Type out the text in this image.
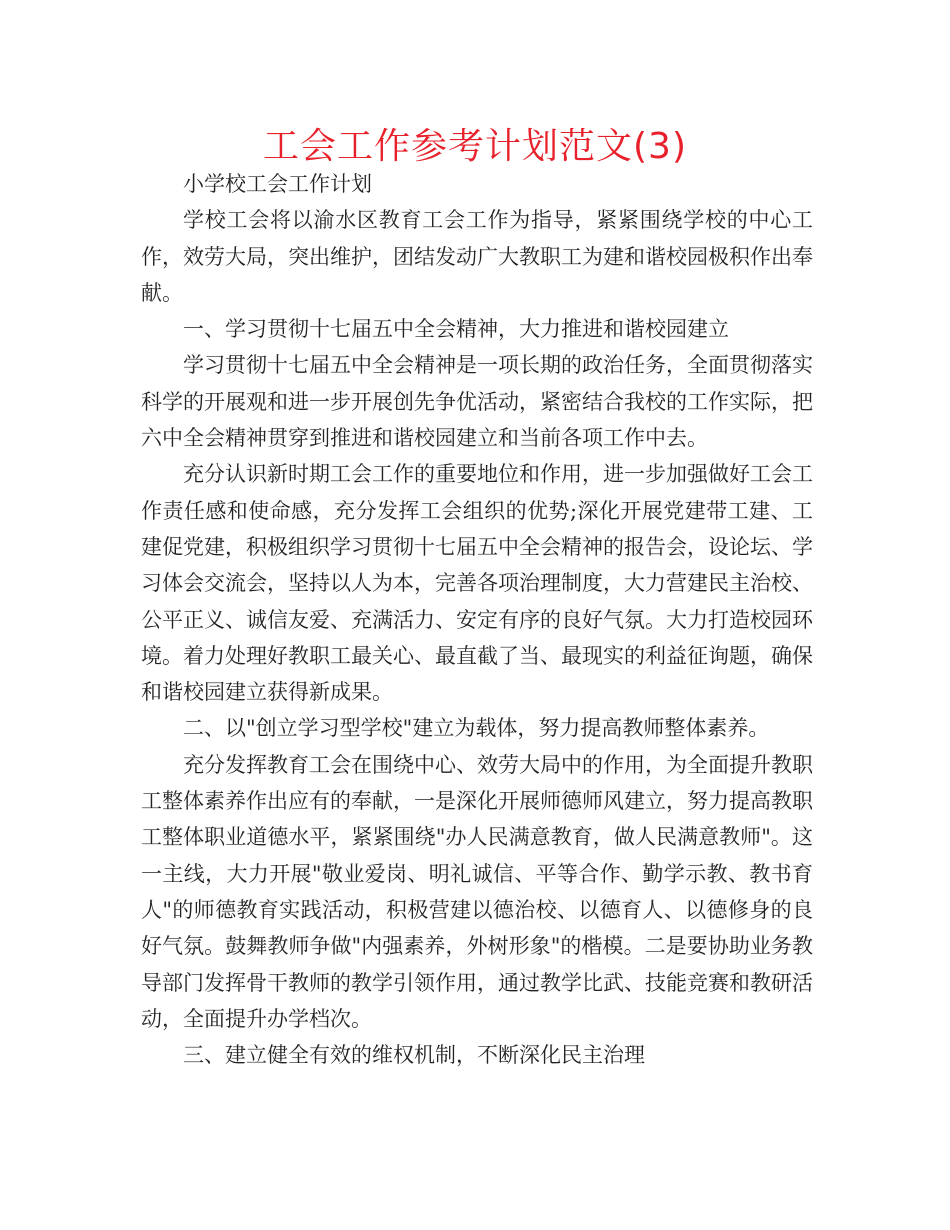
工会工作参考计划范文(3)

小学校工会工作计划

学校工会将以渝水区教育工会工作为指导，紧紧围绕学校的中心工作，效劳大局，突出维护，团结发动广大教职工为建和谐校园极积作出奉献。

一、学习贯彻十七届五中全会精神，大力推进和谐校园建立

学习贯彻十七届五中全会精神是一项长期的政治任务，全面贯彻落实科学的开展观和进一步开展创先争优活动，紧密结合我校的工作实际，把六中全会精神贯穿到推进和谐校园建立和当前各项工作中去。

充分认识新时期工会工作的重要地位和作用，进一步加强做好工会工作责任感和使命感，充分发挥工会组织的优势;深化开展党建带工建、工建促党建，积极组织学习贯彻十七届五中全会精神的报告会，设论坛、学习体会交流会，坚持以人为本，完善各项治理制度，大力营建民主治校、公平正义、诚信友爱、充满活力、安定有序的良好气氛。大力打造校园环境。着力处理好教职工最关心、最直截了当、最现实的利益征询题，确保和谐校园建立获得新成果。

二、以"创立学习型学校"建立为载体，努力提高教师整体素养。

充分发挥教育工会在围绕中心、效劳大局中的作用，为全面提升教职工整体素养作出应有的奉献，一是深化开展师德师风建立，努力提高教职工整体职业道德水平，紧紧围绕"办人民满意教育，做人民满意教师"。这一主线，大力开展"敬业爱岗、明礼诚信、平等合作、勤学示教、教书育人"的师德教育实践活动，积极营建以德治校、以德育人、以德修身的良好气氛。鼓舞教师争做"内强素养，外树形象"的楷模。二是要协助业务教导部门发挥骨干教师的教学引领作用，通过教学比武、技能竞赛和教研活动，全面提升办学档次。

三、建立健全有效的维权机制，不断深化民主治理
